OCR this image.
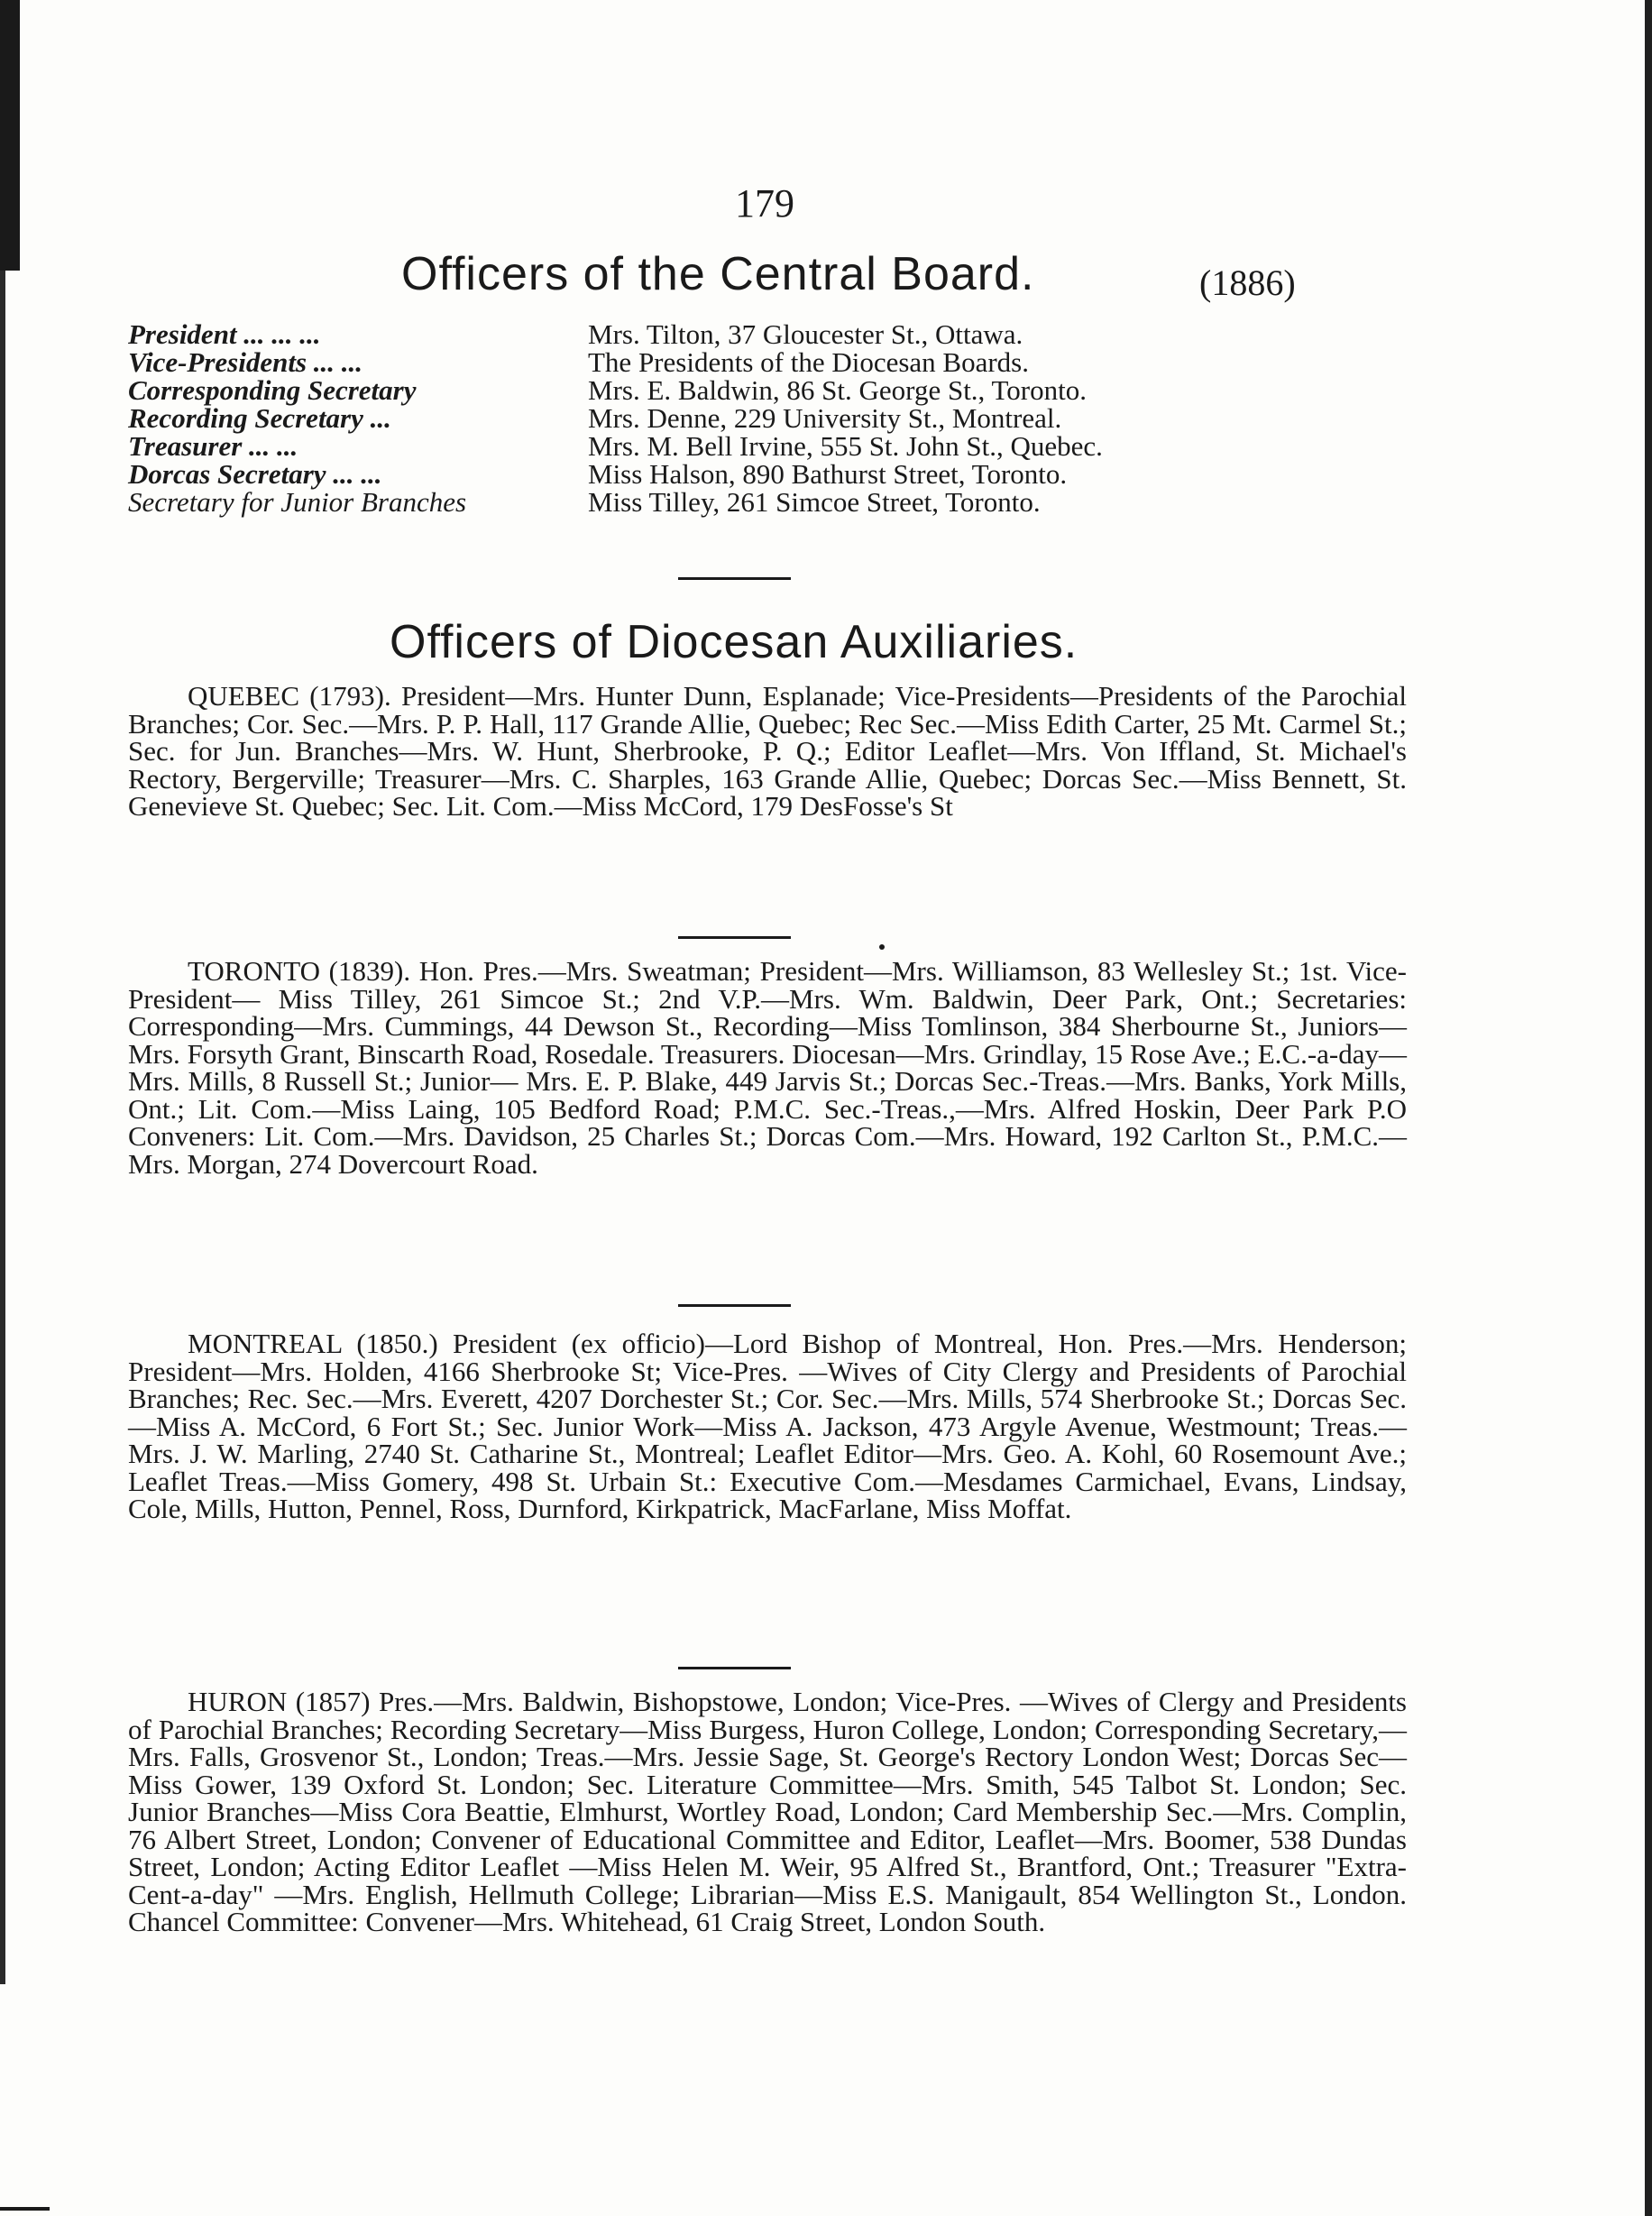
179
Officers of the Central Board.	(1886)
President ... ... ...	Mrs. Tilton, 37 Gloucester St., Ottawa.
Vice-Presidents ... ...	The Presidents of the Diocesan Boards.
Corresponding Secretary	Mrs. E. Baldwin, 86 St. George St., Toronto.
Recording Secretary ...	Mrs. Denne, 229 University St., Montreal.
Treasurer ... ...	Mrs. M. Bell Irvine, 555 St. John St., Quebec.
Dorcas Secretary ... ...	Miss Halson, 890 Bathurst Street, Toronto.
Secretary for Junior Branches	Miss Tilley, 261 Simcoe Street, Toronto.
Officers of Diocesan Auxiliaries.

QUEBEC (1793). President—Mrs. Hunter Dunn, Esplanade; Vice-Presidents—Presidents of the Parochial Branches; Cor. Sec.—Mrs. P. P. Hall, 117 Grande Allie, Quebec; Rec Sec.—Miss Edith Carter, 25 Mt. Carmel St.; Sec. for Jun. Branches—Mrs. W. Hunt, Sherbrooke, P. Q.; Editor Leaflet—Mrs. Von Iffland, St. Michael's Rectory, Bergerville; Treasurer—Mrs. C. Sharples, 163 Grande Allie, Quebec; Dorcas Sec.—Miss Bennett, St. Genevieve St. Quebec; Sec. Lit. Com.—Miss McCord, 179 DesFosse's St

TORONTO (1839). Hon. Pres.—Mrs. Sweatman; President—Mrs. Williamson, 83 Wellesley St.; 1st. Vice-President— Miss Tilley, 261 Simcoe St.; 2nd V.P.—Mrs. Wm. Baldwin, Deer Park, Ont.; Secretaries: Corresponding—Mrs. Cummings, 44 Dewson St., Recording—Miss Tomlinson, 384 Sherbourne St., Juniors—Mrs. Forsyth Grant, Binscarth Road, Rosedale. Treasurers. Diocesan—Mrs. Grindlay, 15 Rose Ave.; E.C.-a-day—Mrs. Mills, 8 Russell St.; Junior— Mrs. E. P. Blake, 449 Jarvis St.; Dorcas Sec.-Treas.—Mrs. Banks, York Mills, Ont.; Lit. Com.—Miss Laing, 105 Bedford Road; P.M.C. Sec.-Treas.,—Mrs. Alfred Hoskin, Deer Park P.O Conveners: Lit. Com.—Mrs. Davidson, 25 Charles St.; Dorcas Com.—Mrs. Howard, 192 Carlton St., P.M.C.—Mrs. Morgan, 274 Dovercourt Road.

MONTREAL (1850.) President (ex officio)—Lord Bishop of Montreal, Hon. Pres.—Mrs. Henderson; President—Mrs. Holden, 4166 Sherbrooke St; Vice-Pres. —Wives of City Clergy and Presidents of Parochial Branches; Rec. Sec.—Mrs. Everett, 4207 Dorchester St.; Cor. Sec.—Mrs. Mills, 574 Sherbrooke St.; Dorcas Sec.—Miss A. McCord, 6 Fort St.; Sec. Junior Work—Miss A. Jackson, 473 Argyle Avenue, Westmount; Treas.—Mrs. J. W. Marling, 2740 St. Catharine St., Montreal; Leaflet Editor—Mrs. Geo. A. Kohl, 60 Rosemount Ave.; Leaflet Treas.—Miss Gomery, 498 St. Urbain St.: Executive Com.—Mesdames Carmichael, Evans, Lindsay, Cole, Mills, Hutton, Pennel, Ross, Durnford, Kirkpatrick, MacFarlane, Miss Moffat.

HURON (1857) Pres.—Mrs. Baldwin, Bishopstowe, London; Vice-Pres. —Wives of Clergy and Presidents of Parochial Branches; Recording Secretary—Miss Burgess, Huron College, London; Corresponding Secretary,—Mrs. Falls, Grosvenor St., London; Treas.—Mrs. Jessie Sage, St. George's Rectory London West; Dorcas Sec—Miss Gower, 139 Oxford St. London; Sec. Literature Committee—Mrs. Smith, 545 Talbot St. London; Sec. Junior Branches—Miss Cora Beattie, Elmhurst, Wortley Road, London; Card Membership Sec.—Mrs. Complin, 76 Albert Street, London; Convener of Educational Committee and Editor, Leaflet—Mrs. Boomer, 538 Dundas Street, London; Acting Editor Leaflet —Miss Helen M. Weir, 95 Alfred St., Brantford, Ont.; Treasurer "Extra-Cent-a-day" —Mrs. English, Hellmuth College; Librarian—Miss E.S. Manigault, 854 Wellington St., London. Chancel Committee: Convener—Mrs. Whitehead, 61 Craig Street, London South.
